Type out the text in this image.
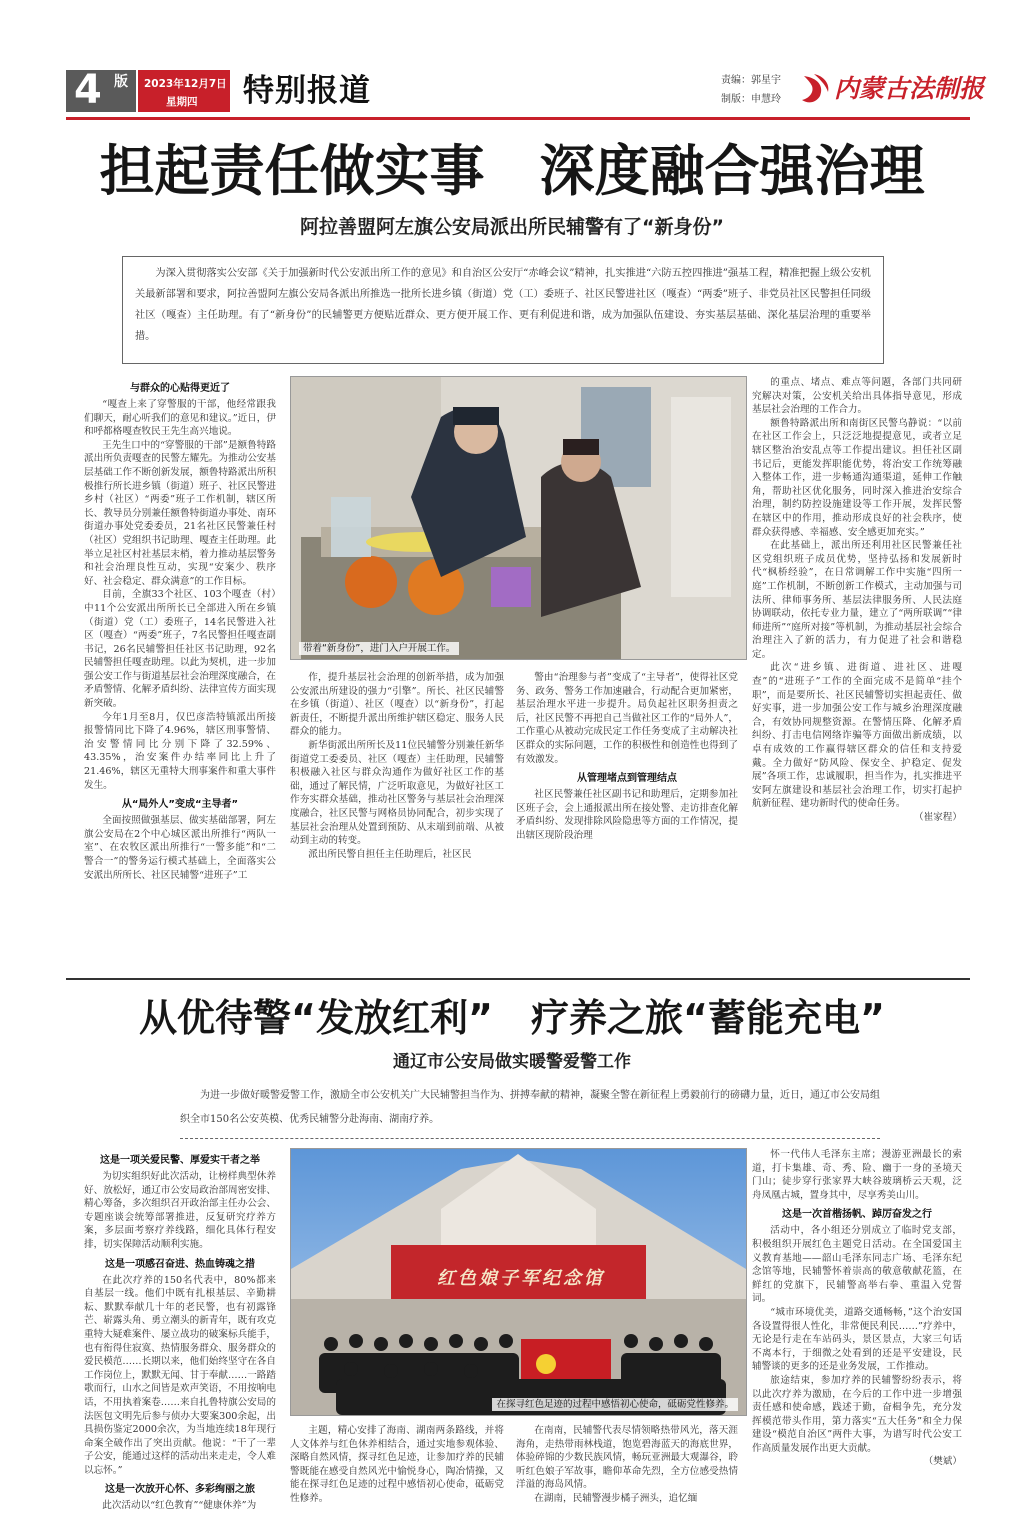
4 版 2023年12月7日
星期四 特别报道	责编：郭星宇
制版：申慧玲 内蒙古法制报
担起责任做实事　深度融合强治理
阿拉善盟阿左旗公安局派出所民辅警有了“新身份”
为深入贯彻落实公安部《关于加强新时代公安派出所工作的意见》和自治区公安厅“赤峰会议”精神，扎实推进“六防五控四推进”强基工程，精准把握上级公安机关最新部署和要求，阿拉善盟阿左旗公安局各派出所推选一批所长进乡镇（街道）党（工）委班子、社区民警进社区（嘎查）“两委”班子、非党员社区民警担任同级社区（嘎查）主任助理。有了“新身份”的民辅警更方便贴近群众、更方便开展工作、更有利促进和谐，成为加强队伍建设、夯实基层基础、深化基层治理的重要举措。
与群众的心贴得更近了

“嘎查上来了穿警服的干部，他经常跟我们聊天，耐心听我们的意见和建议。”近日，伊和呼都格嘎查牧民王先生高兴地说。

王先生口中的“穿警服的干部”是额鲁特路派出所负责嘎查的民警左耀先。为推动公安基层基础工作不断创新发展，额鲁特路派出所积极推行所长进乡镇（街道）班子、社区民警进乡村（社区）“两委”班子工作机制，辖区所长、教导员分别兼任额鲁特街道办事处、南环街道办事处党委委员，21名社区民警兼任村（社区）党组织书记助理、嘎查主任助理。此举立足社区村社基层末梢，着力推动基层警务和社会治理良性互动，实现“安案少、秩序好、社会稳定、群众满意”的工作目标。

目前，全旗33个社区、103个嘎查（村）中11个公安派出所所长已全部进入所在乡镇（街道）党（工）委班子，14名民警进入社区（嘎查）“两委”班子，7名民警担任嘎查副书记，26名民辅警担任社区书记助理，92名民辅警担任嘎查助理。以此为契机，进一步加强公安工作与街道基层社会治理深度融合，在矛盾警情、化解矛盾纠纷、法律宣传方面实现新突破。

今年1月至8月，仅巴彦浩特镇派出所接报警情同比下降了4.96%，辖区刑事警情、治安警情同比分别下降了32.59%、43.35%，治安案件办结率同比上升了21.46%，辖区无重特大刑事案件和重大事件发生。

从“局外人”变成“主导者”

全面按照做强基层、做实基础部署，阿左旗公安局在2个中心城区派出所推行“两队一室”、在农牧区派出所推行“一警多能”和“二警合一”的警务运行模式基础上，全面落实公安派出所所长、社区民辅警“进班子”工

带着“新身份”，进门入户开展工作。

作，提升基层社会治理的创新举措，成为加强公安派出所建设的强力“引擎”。所长、社区民辅警在乡镇（街道）、社区（嘎查）以“新身份”，打起新责任，不断提升派出所维护辖区稳定、服务人民群众的能力。

新华街派出所所长及11位民辅警分别兼任新华街道党工委委员、社区（嘎查）主任助理，民辅警积极融入社区与群众沟通作为做好社区工作的基础，通过了解民情，广泛听取意见，为做好社区工作夯实群众基础，推动社区警务与基层社会治理深度融合，社区民警与网格员协同配合，初步实现了基层社会治理从处置到预防、从末端到前端、从被动到主动的转变。

派出所民警自担任主任助理后，社区民

警由“治理参与者”变成了“主导者”，使得社区党务、政务、警务工作加速融合，行动配合更加紧密，基层治理水平进一步提升。局负起社区职务担责之后，社区民警不再把自己当做社区工作的“局外人”，工作重心从被动完成民定工作任务变成了主动解决社区群众的实际问题，工作的积极性和创造性也得到了有效激发。

从管理堵点到管理结点

社区民警兼任社区副书记和助理后，定期参加社区班子会，会上通报派出所在接处警、走访排查化解矛盾纠纷、发现排除风险隐患等方面的工作情况，提出辖区现阶段治理

的重点、堵点、难点等问题，各部门共同研究解决对策，公安机关给出具体指导意见，形成基层社会治理的工作合力。

额鲁特路派出所和南街区民警乌静说：“以前在社区工作会上，只泛泛地提提意见，或者立足辖区整治治安乱点等工作提出建议。担任社区副书记后，更能发挥职能优势，将治安工作统筹融入整体工作，进一步畅通沟通渠道，延伸工作触角，帮助社区优化服务，同时深入推进治安综合治理，制约防控设施建设等工作开展，发挥民警在辖区中的作用，推动形成良好的社会秩序，使群众获得感、幸福感、安全感更加充实。”

在此基础上，派出所还利用社区民警兼任社区党组织班子成员优势，坚持弘扬和发展新时代“枫桥经验”，在日常调解工作中实施“四所一庭”工作机制，不断创新工作模式，主动加强与司法所、律师事务所、基层法律服务所、人民法庭协调联动，依托专业力量，建立了“两所联调”“律师进所”“庭所对接”等机制，为推动基层社会综合治理注入了新的活力，有力促进了社会和谐稳定。

此次“进乡镇、进街道、进社区、进嘎查”的“进班子”工作的全面完成不是简单“挂个职”，而是要所长、社区民辅警切实担起责任、做好实事，进一步加强公安工作与城乡治理深度融合，有效协同规整资源。在警情压降、化解矛盾纠纷、打击电信网络诈骗等方面做出新成绩，以卓有成效的工作赢得辖区群众的信任和支持爱戴。全力做好“防风险、保安全、护稳定、促发展”各项工作，忠诚履职，担当作为，扎实推进平安阿左旗建设和基层社会治理工作，切实打起护航新征程、建功新时代的使命任务。

（崔家程）

从优待警“发放红利”　疗养之旅“蓄能充电”
通辽市公安局做实暖警爱警工作
为进一步做好暖警爱警工作，激励全市公安机关广大民辅警担当作为、拼搏奉献的精神，凝聚全警在新征程上勇毅前行的磅礴力量，近日，通辽市公安局组织全市150名公安英模、优秀民辅警分赴海南、湖南疗养。
这是一项关爱民警、厚爱实干者之举

为切实组织好此次活动，让榜样典型休养好、放松好，通辽市公安局政治部周密安排、精心筹备，多次组织召开政治部主任办公会、专题座谈会统筹部署推进，反复研究疗养方案，多层面考察疗养线路，细化具体行程安排，切实保障活动顺利实施。

这是一项感召奋进、热血铸魂之措

在此次疗养的150名代表中，80%都来自基层一线。他们中既有扎根基层、辛勤耕耘、默默奉献几十年的老民警，也有初露锋芒、崭露头角、勇立潮头的新青年，既有攻克重特大疑难案件、屡立战功的破案标兵能手，也有衔得住寂寞、热情服务群众、服务群众的爱民模范……长期以来，他们始终坚守在各自工作岗位上，默默无闻、甘于奉献……一路踏歌而行，山水之间皆是欢声笑语，不用按响电话，不用执着案卷……来自扎鲁特旗公安局的法医包文明先后参与侦办大要案300余起，出具损伤鉴定2000余次，为当地连续18年现行命案全破作出了突出贡献。他说：“干了一辈子公安，能通过这样的活动出来走走，令人难以忘怀。”

这是一次放开心怀、多彩绚丽之旅

此次活动以“红色教育”“健康休养”为

红色娘子军纪念馆
在探寻红色足迹的过程中感悟初心使命，砥砺党性修养。

主题，精心安排了海南、湖南两条路线，并将人文体养与红色休养相结合，通过实地参观体验、深略自然风情，探寻红色足迹，让参加疗养的民辅警既能在感受自然风光中愉悦身心，陶冶情操，又能在探寻红色足迹的过程中感悟初心使命，砥砺党性修养。

在南南，民辅警代表尽情领略热带风光，落天涯海角，走热带雨林栈道，饱览碧海蓝天的海底世界，体验碎锦的少数民族风情，畅玩亚洲最大观瀑谷，聆听红色娘子军故事，瞻仰革命先烈，全方位感受热情洋溢的海岛风情。

在湖南，民辅警漫步橘子洲头，追忆缅

怀一代伟人毛泽东主席；漫游亚洲最长的索道，打卡集雄、奇、秀、险、幽于一身的圣境天门山；徒步穿行张家界大峡谷玻璃桥云天观，泛舟凤凰古城，置身其中，尽享秀美山川。

这是一次首楷扬帆、踔厉奋发之行

活动中，各小组还分别成立了临时党支部，积极组织开展红色主题党日活动。在全国爱国主义教育基地——韶山毛泽东同志广场、毛泽东纪念馆等地，民辅警怀着崇高的敬意敬献花篮，在鲜红的党旗下，民辅警高举右拳、重温入党誓词。

“城市环境优美，道路交通畅畅，”这个治安国各设置得很人性化，非常便民利民……”疗养中，无论是行走在车站码头，景区景点，大家三句话不离本行，于细微之处看到的还是平安建设，民辅警谈的更多的还是业务发展，工作推动。

旅途结束，参加疗养的民辅警纷纷表示，将以此次疗养为激励，在今后的工作中进一步增强责任感和使命感，践述于勤，奋楫争先，充分发挥模范带头作用，第力落实“五大任务”和全力保建设“模范自治区”两件大事，为谱写时代公安工作高质量发展作出更大贡献。

（樊斌）
